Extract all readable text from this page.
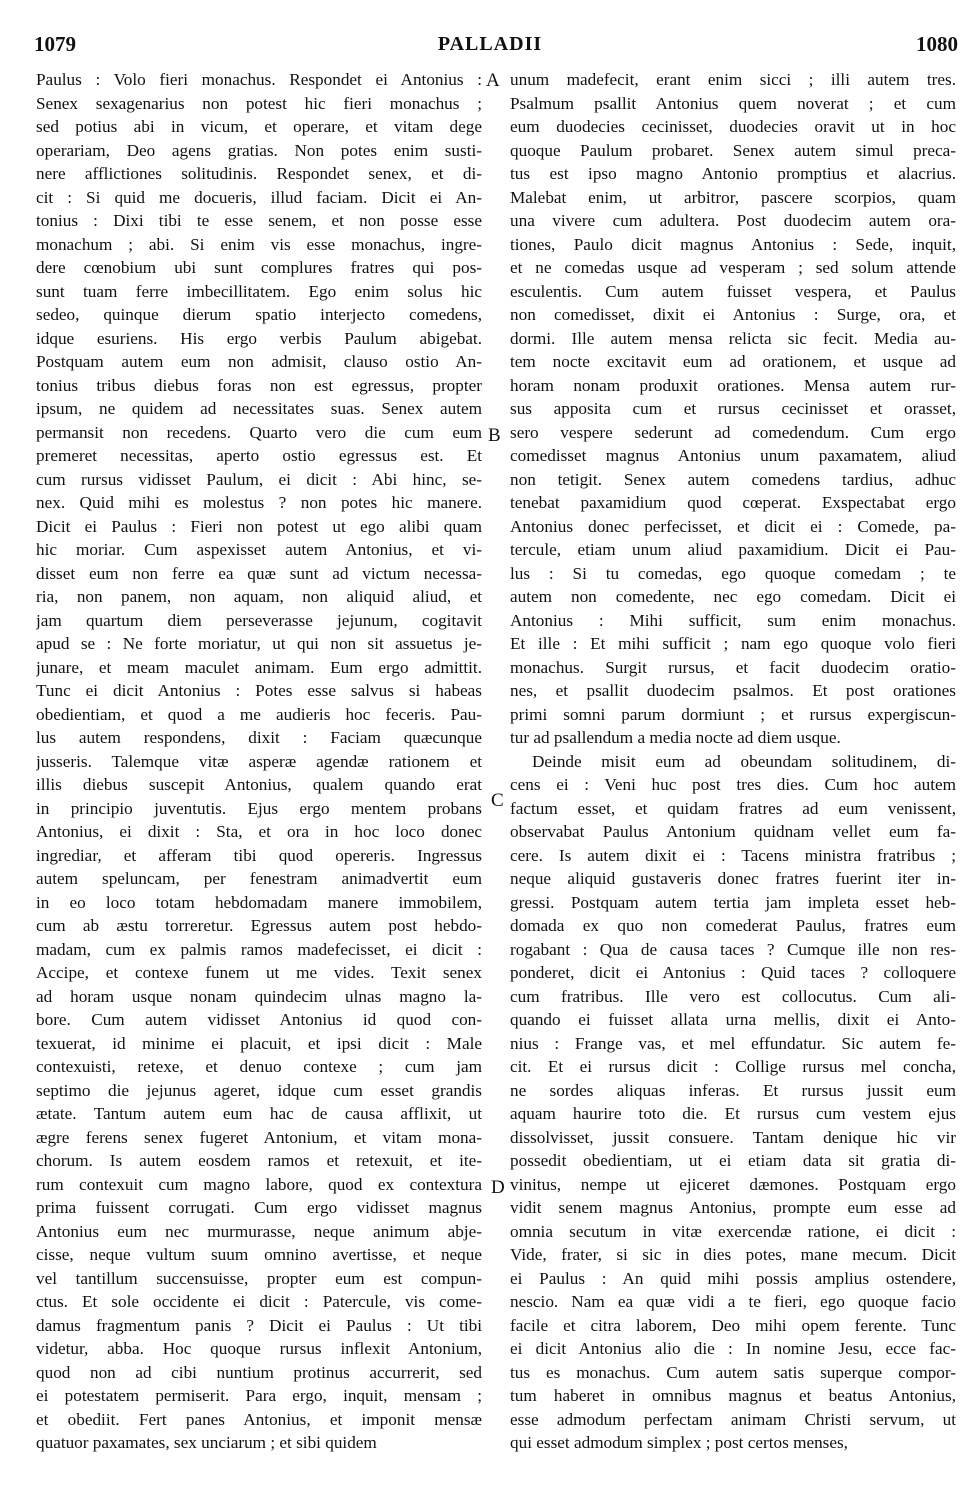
1079	PALLADII	1080
A
B
C
D
Paulus : Volo fieri monachus. Respondet ei Antonius :
Senex sexagenarius non potest hic fieri monachus ;
sed potius abi in vicum, et operare, et vitam dege
operariam, Deo agens gratias. Non potes enim susti-
nere afflictiones solitudinis. Respondet senex, et di-
cit : Si quid me docueris, illud faciam. Dicit ei An-
tonius : Dixi tibi te esse senem, et non posse esse
monachum ; abi. Si enim vis esse monachus, ingre-
dere cœnobium ubi sunt complures fratres qui pos-
sunt tuam ferre imbecillitatem. Ego enim solus hic
sedeo, quinque dierum spatio interjecto comedens,
idque esuriens. His ergo verbis Paulum abigebat.
Postquam autem eum non admisit, clauso ostio An-
tonius tribus diebus foras non est egressus, propter
ipsum, ne quidem ad necessitates suas. Senex autem
permansit non recedens. Quarto vero die cum eum
premeret necessitas, aperto ostio egressus est. Et
cum rursus vidisset Paulum, ei dicit : Abi hinc, se-
nex. Quid mihi es molestus ? non potes hic manere.
Dicit ei Paulus : Fieri non potest ut ego alibi quam
hic moriar. Cum aspexisset autem Antonius, et vi-
disset eum non ferre ea quæ sunt ad victum necessa-
ria, non panem, non aquam, non aliquid aliud, et
jam quartum diem perseverasse jejunum, cogitavit
apud se : Ne forte moriatur, ut qui non sit assuetus je-
junare, et meam maculet animam. Eum ergo admittit.
Tunc ei dicit Antonius : Potes esse salvus si habeas
obedientiam, et quod a me audieris hoc feceris. Pau-
lus autem respondens, dixit : Faciam quæcunque
jusseris. Talemque vitæ asperæ agendæ rationem et
illis diebus suscepit Antonius, qualem quando erat
in principio juventutis. Ejus ergo mentem probans
Antonius, ei dixit : Sta, et ora in hoc loco donec
ingrediar, et afferam tibi quod opereris. Ingressus
autem speluncam, per fenestram animadvertit eum
in eo loco totam hebdomadam manere immobilem,
cum ab æstu torreretur. Egressus autem post hebdo-
madam, cum ex palmis ramos madefecisset, ei dicit :
Accipe, et contexe funem ut me vides. Texit senex
ad horam usque nonam quindecim ulnas magno la-
bore. Cum autem vidisset Antonius id quod con-
texuerat, id minime ei placuit, et ipsi dicit : Male
contexuisti, retexe, et denuo contexe ; cum jam
septimo die jejunus ageret, idque cum esset grandis
ætate. Tantum autem eum hac de causa afflixit, ut
ægre ferens senex fugeret Antonium, et vitam mona-
chorum. Is autem eosdem ramos et retexuit, et ite-
rum contexuit cum magno labore, quod ex contextura
prima fuissent corrugati. Cum ergo vidisset magnus
Antonius eum nec murmurasse, neque animum abje-
cisse, neque vultum suum omnino avertisse, et neque
vel tantillum succensuisse, propter eum est compun-
ctus. Et sole occidente ei dicit : Patercule, vis come-
damus fragmentum panis ? Dicit ei Paulus : Ut tibi
videtur, abba. Hoc quoque rursus inflexit Antonium,
quod non ad cibi nuntium protinus accurrerit, sed
ei potestatem permiserit. Para ergo, inquit, mensam ;
et obediit. Fert panes Antonius, et imponit mensæ
quatuor paxamates, sex unciarum ; et sibi quidem
unum madefecit, erant enim sicci ; illi autem tres.
Psalmum psallit Antonius quem noverat ; et cum
eum duodecies cecinisset, duodecies oravit ut in hoc
quoque Paulum probaret. Senex autem simul preca-
tus est ipso magno Antonio promptius et alacrius.
Malebat enim, ut arbitror, pascere scorpios, quam
una vivere cum adultera. Post duodecim autem ora-
tiones, Paulo dicit magnus Antonius : Sede, inquit,
et ne comedas usque ad vesperam ; sed solum attende
esculentis. Cum autem fuisset vespera, et Paulus
non comedisset, dixit ei Antonius : Surge, ora, et
dormi. Ille autem mensa relicta sic fecit. Media au-
tem nocte excitavit eum ad orationem, et usque ad
horam nonam produxit orationes. Mensa autem rur-
sus apposita cum et rursus cecinisset et orasset,
sero vespere sederunt ad comedendum. Cum ergo
comedisset magnus Antonius unum paxamatem, aliud
non tetigit. Senex autem comedens tardius, adhuc
tenebat paxamidium quod cœperat. Exspectabat ergo
Antonius donec perfecisset, et dicit ei : Comede, pa-
tercule, etiam unum aliud paxamidium. Dicit ei Pau-
lus : Si tu comedas, ego quoque comedam ; te
autem non comedente, nec ego comedam. Dicit ei
Antonius : Mihi sufficit, sum enim monachus.
Et ille : Et mihi sufficit ; nam ego quoque volo fieri
monachus. Surgit rursus, et facit duodecim oratio-
nes, et psallit duodecim psalmos. Et post orationes
primi somni parum dormiunt ; et rursus expergiscun-
tur ad psallendum a media nocte ad diem usque.
Deinde misit eum ad obeundam solitudinem, di-
cens ei : Veni huc post tres dies. Cum hoc autem
factum esset, et quidam fratres ad eum venissent,
observabat Paulus Antonium quidnam vellet eum fa-
cere. Is autem dixit ei : Tacens ministra fratribus ;
neque aliquid gustaveris donec fratres fuerint iter in-
gressi. Postquam autem tertia jam impleta esset heb-
domada ex quo non comederat Paulus, fratres eum
rogabant : Qua de causa taces ? Cumque ille non res-
ponderet, dicit ei Antonius : Quid taces ? colloquere
cum fratribus. Ille vero est collocutus. Cum ali-
quando ei fuisset allata urna mellis, dixit ei Anto-
nius : Frange vas, et mel effundatur. Sic autem fe-
cit. Et ei rursus dicit : Collige rursus mel concha,
ne sordes aliquas inferas. Et rursus jussit eum
aquam haurire toto die. Et rursus cum vestem ejus
dissolvisset, jussit consuere. Tantam denique hic vir
possedit obedientiam, ut ei etiam data sit gratia di-
vinitus, nempe ut ejiceret dæmones. Postquam ergo
vidit senem magnus Antonius, prompte eum esse ad
omnia secutum in vitæ exercendæ ratione, ei dicit :
Vide, frater, si sic in dies potes, mane mecum. Dicit
ei Paulus : An quid mihi possis amplius ostendere,
nescio. Nam ea quæ vidi a te fieri, ego quoque facio
facile et citra laborem, Deo mihi opem ferente. Tunc
ei dicit Antonius alio die : In nomine Jesu, ecce fac-
tus es monachus. Cum autem satis superque compor-
tum haberet in omnibus magnus et beatus Antonius,
esse admodum perfectam animam Christi servum, ut
qui esset admodum simplex ; post certos menses,
